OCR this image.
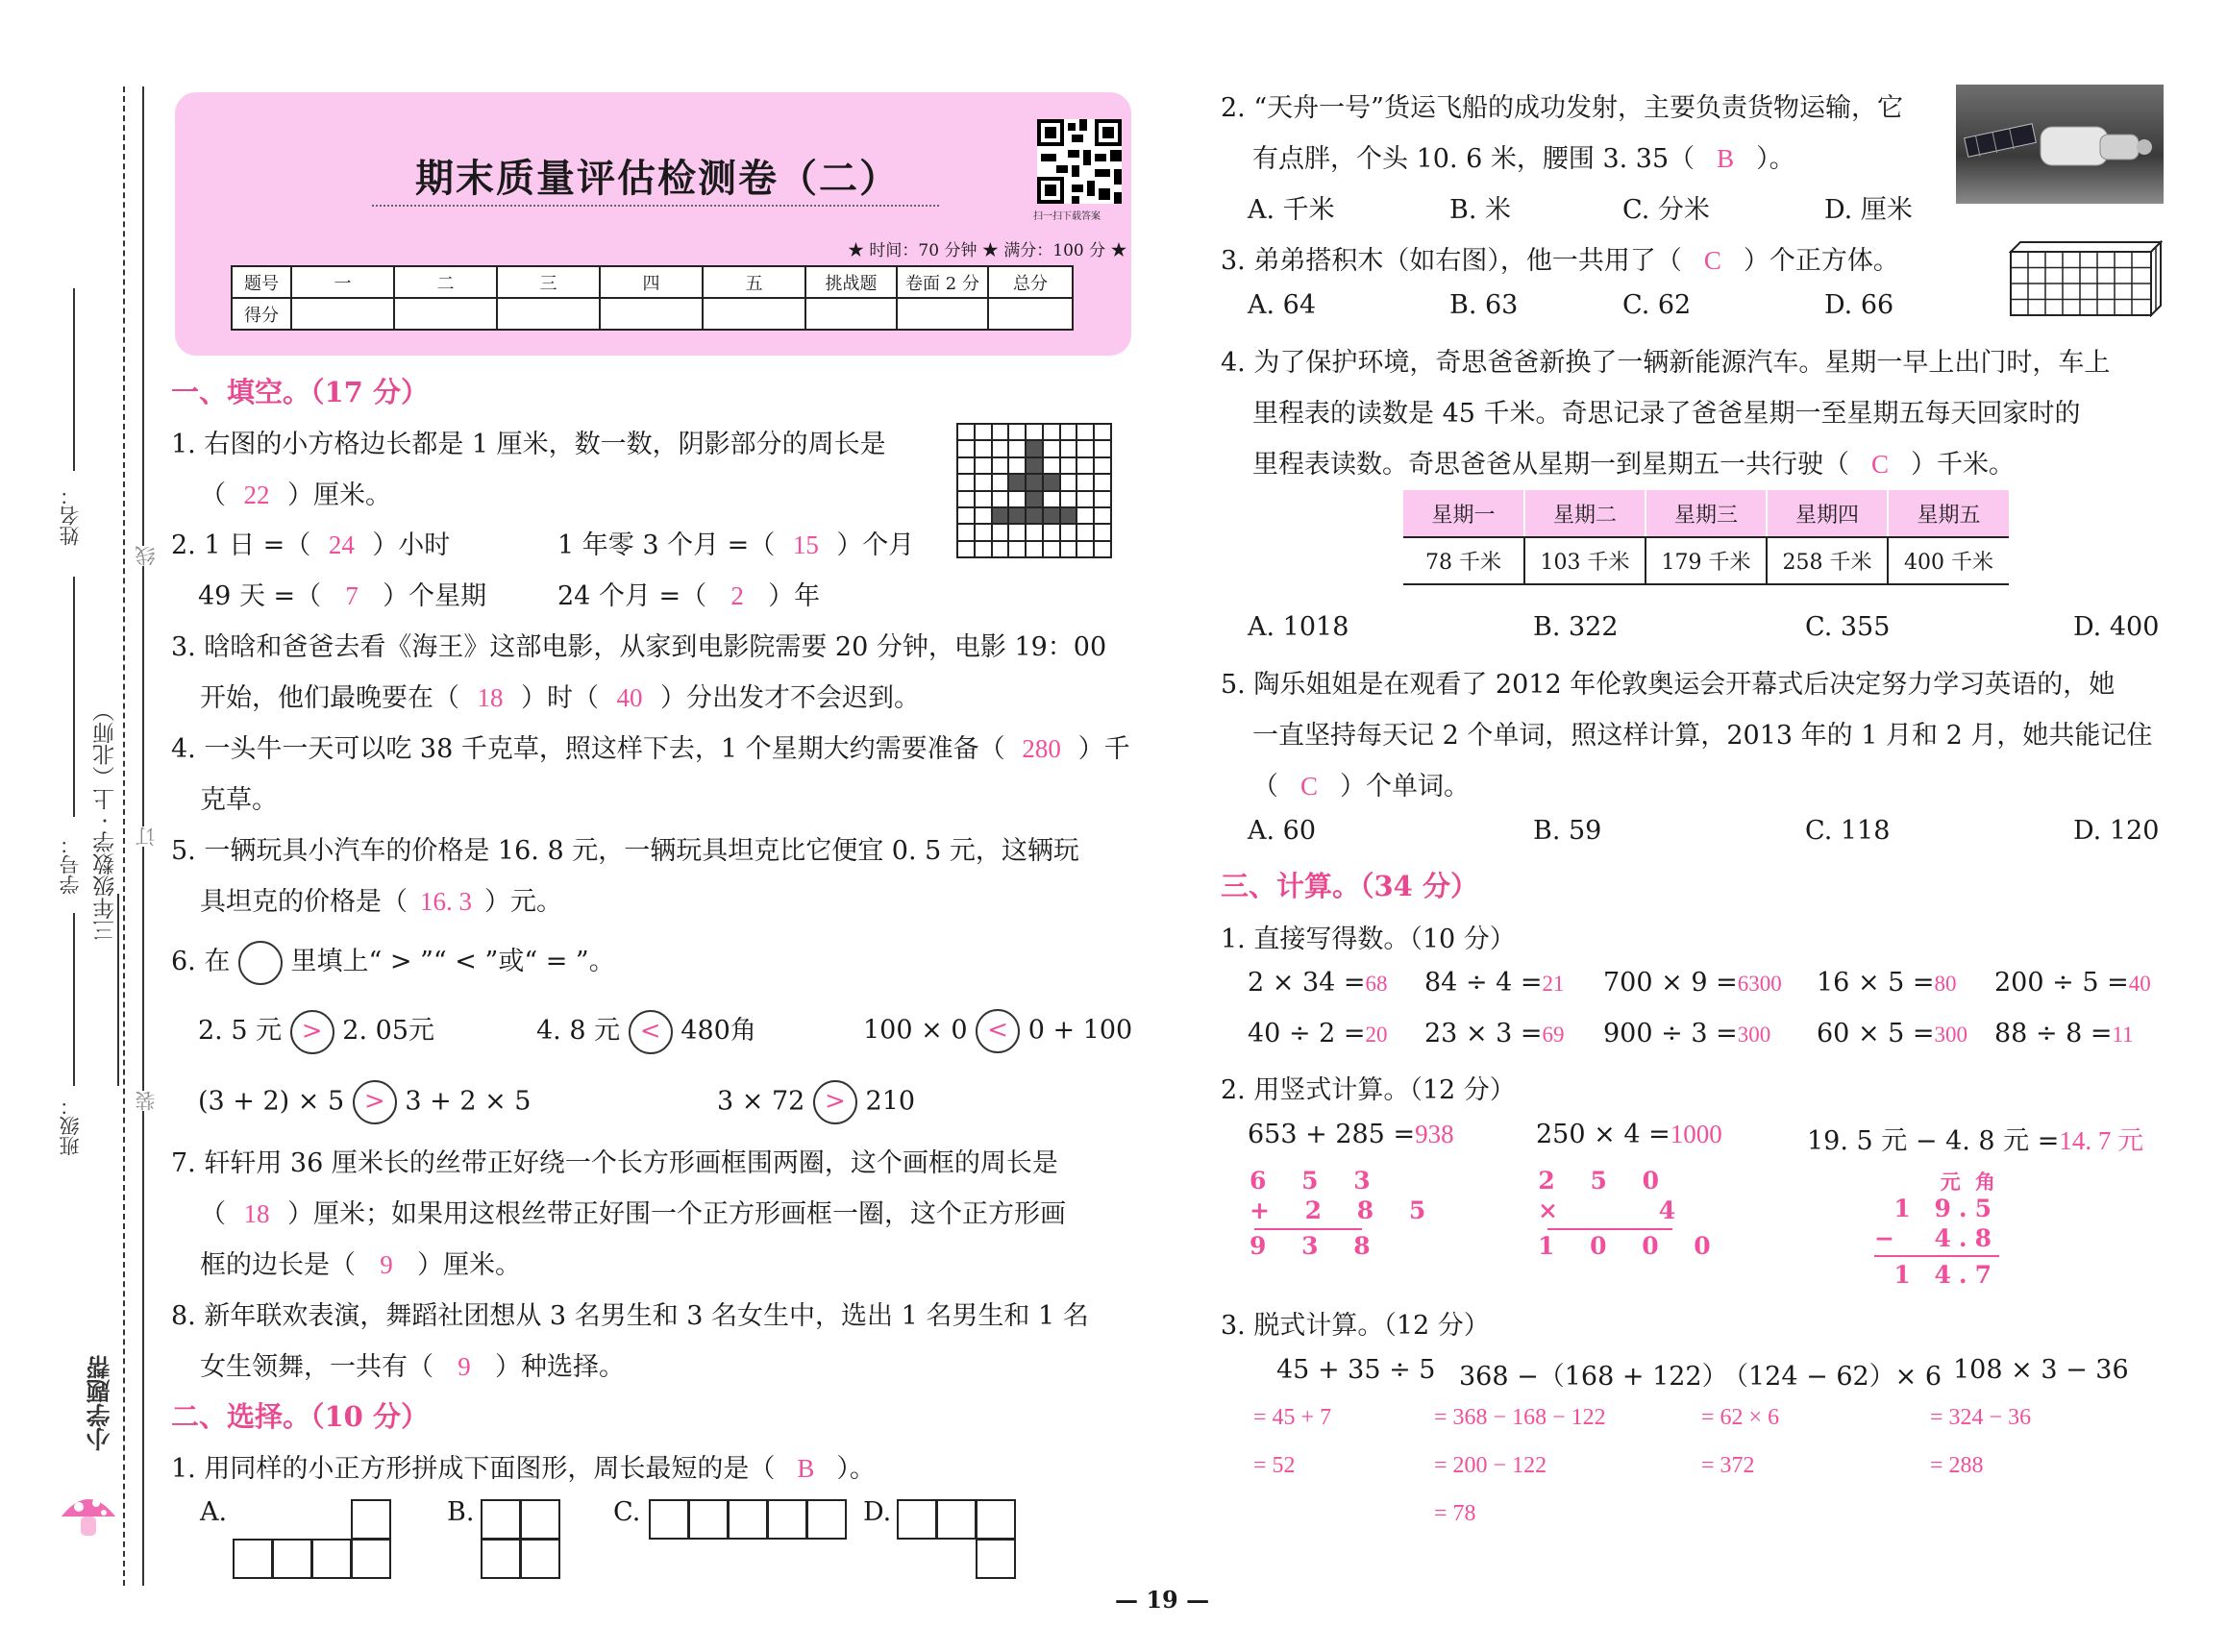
姓名：
学号：
班级：
三年级数学 · 上（北师）
线
订
装
小学题帮
期末质量评估检测卷（二）
扫一扫下载答案
★ 时间：70 分钟 ★ 满分：100 分 ★
题号	一	二	三	四	五	挑战题	卷面 2 分	总分
得分								
一、填空。（17 分）
1. 右图的小方格边长都是 1 厘米，数一数，阴影部分的周长是
（ 22 ）厘米。
2. 1 日 =（ 24 ）小时	1 年零 3 个月 =（ 15 ）个月
49 天 =（ 7 ）个星期	24 个月 =（ 2 ）年
3. 晗晗和爸爸去看《海王》这部电影，从家到电影院需要 20 分钟，电影 19：00
开始，他们最晚要在（ 18 ）时（ 40 ）分出发才不会迟到。
4. 一头牛一天可以吃 38 千克草，照这样下去，1 个星期大约需要准备（ 280 ）千
克草。
5. 一辆玩具小汽车的价格是 16. 8 元，一辆玩具坦克比它便宜 0. 5 元，这辆玩
具坦克的价格是（ 16. 3 ）元。
6. 在 里填上“ > ”“ < ”或“ = ”。
2. 5 元 > 2. 05元	4. 8 元 < 480角	100 × 0 < 0 + 100
(3 + 2) × 5 > 3 + 2 × 5	3 × 72 > 210
7. 轩轩用 36 厘米长的丝带正好绕一个长方形画框围两圈，这个画框的周长是
（ 18 ）厘米；如果用这根丝带正好围一个正方形画框一圈，这个正方形画
框的边长是（ 9 ）厘米。
8. 新年联欢表演，舞蹈社团想从 3 名男生和 3 名女生中，选出 1 名男生和 1 名
女生领舞，一共有（ 9 ）种选择。
二、选择。（10 分）
1. 用同样的小正方形拼成下面图形，周长最短的是（ B ）。
A.	B.	C.	D.
2. “天舟一号”货运飞船的成功发射，主要负责货物运输，它
有点胖，个头 10. 6 米，腰围 3. 35（ B ）。
A. 千米	B. 米	C. 分米	D. 厘米
3. 弟弟搭积木（如右图），他一共用了（ C ）个正方体。
A. 64	B. 63	C. 62	D. 66
4. 为了保护环境，奇思爸爸新换了一辆新能源汽车。星期一早上出门时，车上
里程表的读数是 45 千米。奇思记录了爸爸星期一至星期五每天回家时的
里程表读数。奇思爸爸从星期一到星期五一共行驶（ C ）千米。
星期一	星期二	星期三	星期四	星期五
78 千米	103 千米	179 千米	258 千米	400 千米
A. 1018	B. 322	C. 355	D. 400
5. 陶乐姐姐是在观看了 2012 年伦敦奥运会开幕式后决定努力学习英语的，她
一直坚持每天记 2 个单词，照这样计算，2013 年的 1 月和 2 月，她共能记住
（ C ）个单词。
A. 60	B. 59	C. 118	D. 120
三、计算。（34 分）
1. 直接写得数。（10 分）
2 × 34 =68 84 ÷ 4 =21 700 × 9 =6300 16 × 5 =80 200 ÷ 5 =40
40 ÷ 2 =20 23 × 3 =69 900 ÷ 3 =300 60 × 5 =300 88 ÷ 8 =11
2. 用竖式计算。（12 分）
653 + 285 =938	250 × 4 =1000	19. 5 元 − 4. 8 元 =14. 7 元
6 5 3
+ 2 8 5
9 3 8
2 5 0
×    4
1 0 0 0
元 角
1 9.5
−  4.8
1 4.7
3. 脱式计算。（12 分）
45 + 35 ÷ 5
= 45 + 7
= 52
368 −（168 + 122）
= 368 − 168 − 122
= 200 − 122
= 78
（124 − 62）× 6
= 62 × 6
= 372
108 × 3 − 36
= 324 − 36
= 288
— 19 —
